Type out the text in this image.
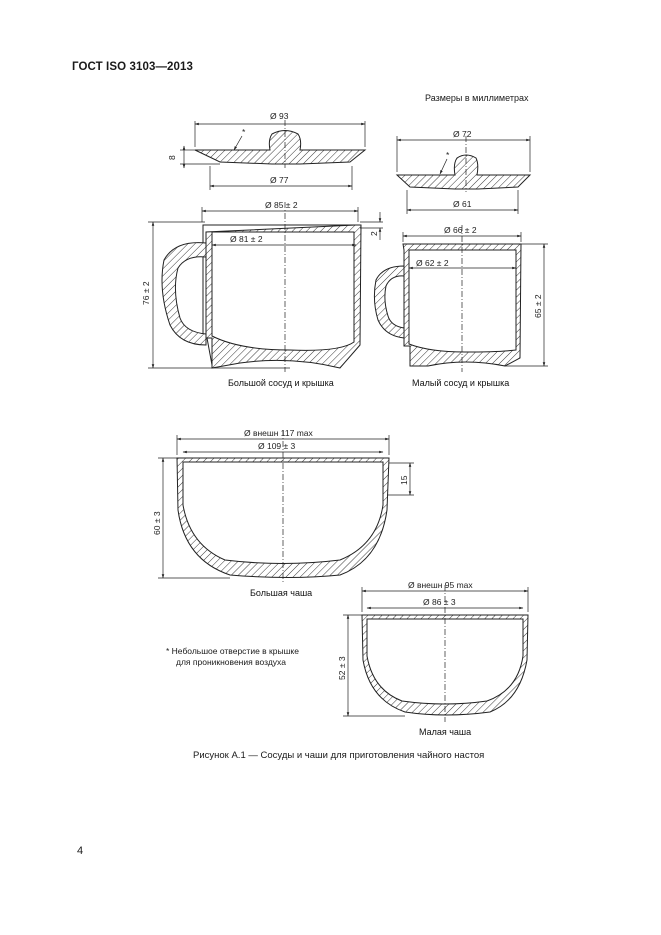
ГОСТ ISO 3103—2013
Размеры в миллиметрах
Ø 93
Ø 77
8
*	Ø 72
Ø 61
*
Ø 85 ± 2
Ø 81 ± 2
76 ± 2
2	Ø 66 ± 2
Ø 62 ± 2
65 ± 2
Ø внешн 117 max
Ø 109 ± 3
60 ± 3
15
Ø внешн 95 max
Ø 86 ± 3
52 ± 3
Большой сосуд и крышка	Малый сосуд и крышка
Большая чаша
Малая чаша
* Небольшое отверстие в крышке
для проникновения воздуха
Рисунок А.1 — Сосуды и чаши для приготовления чайного настоя
4
